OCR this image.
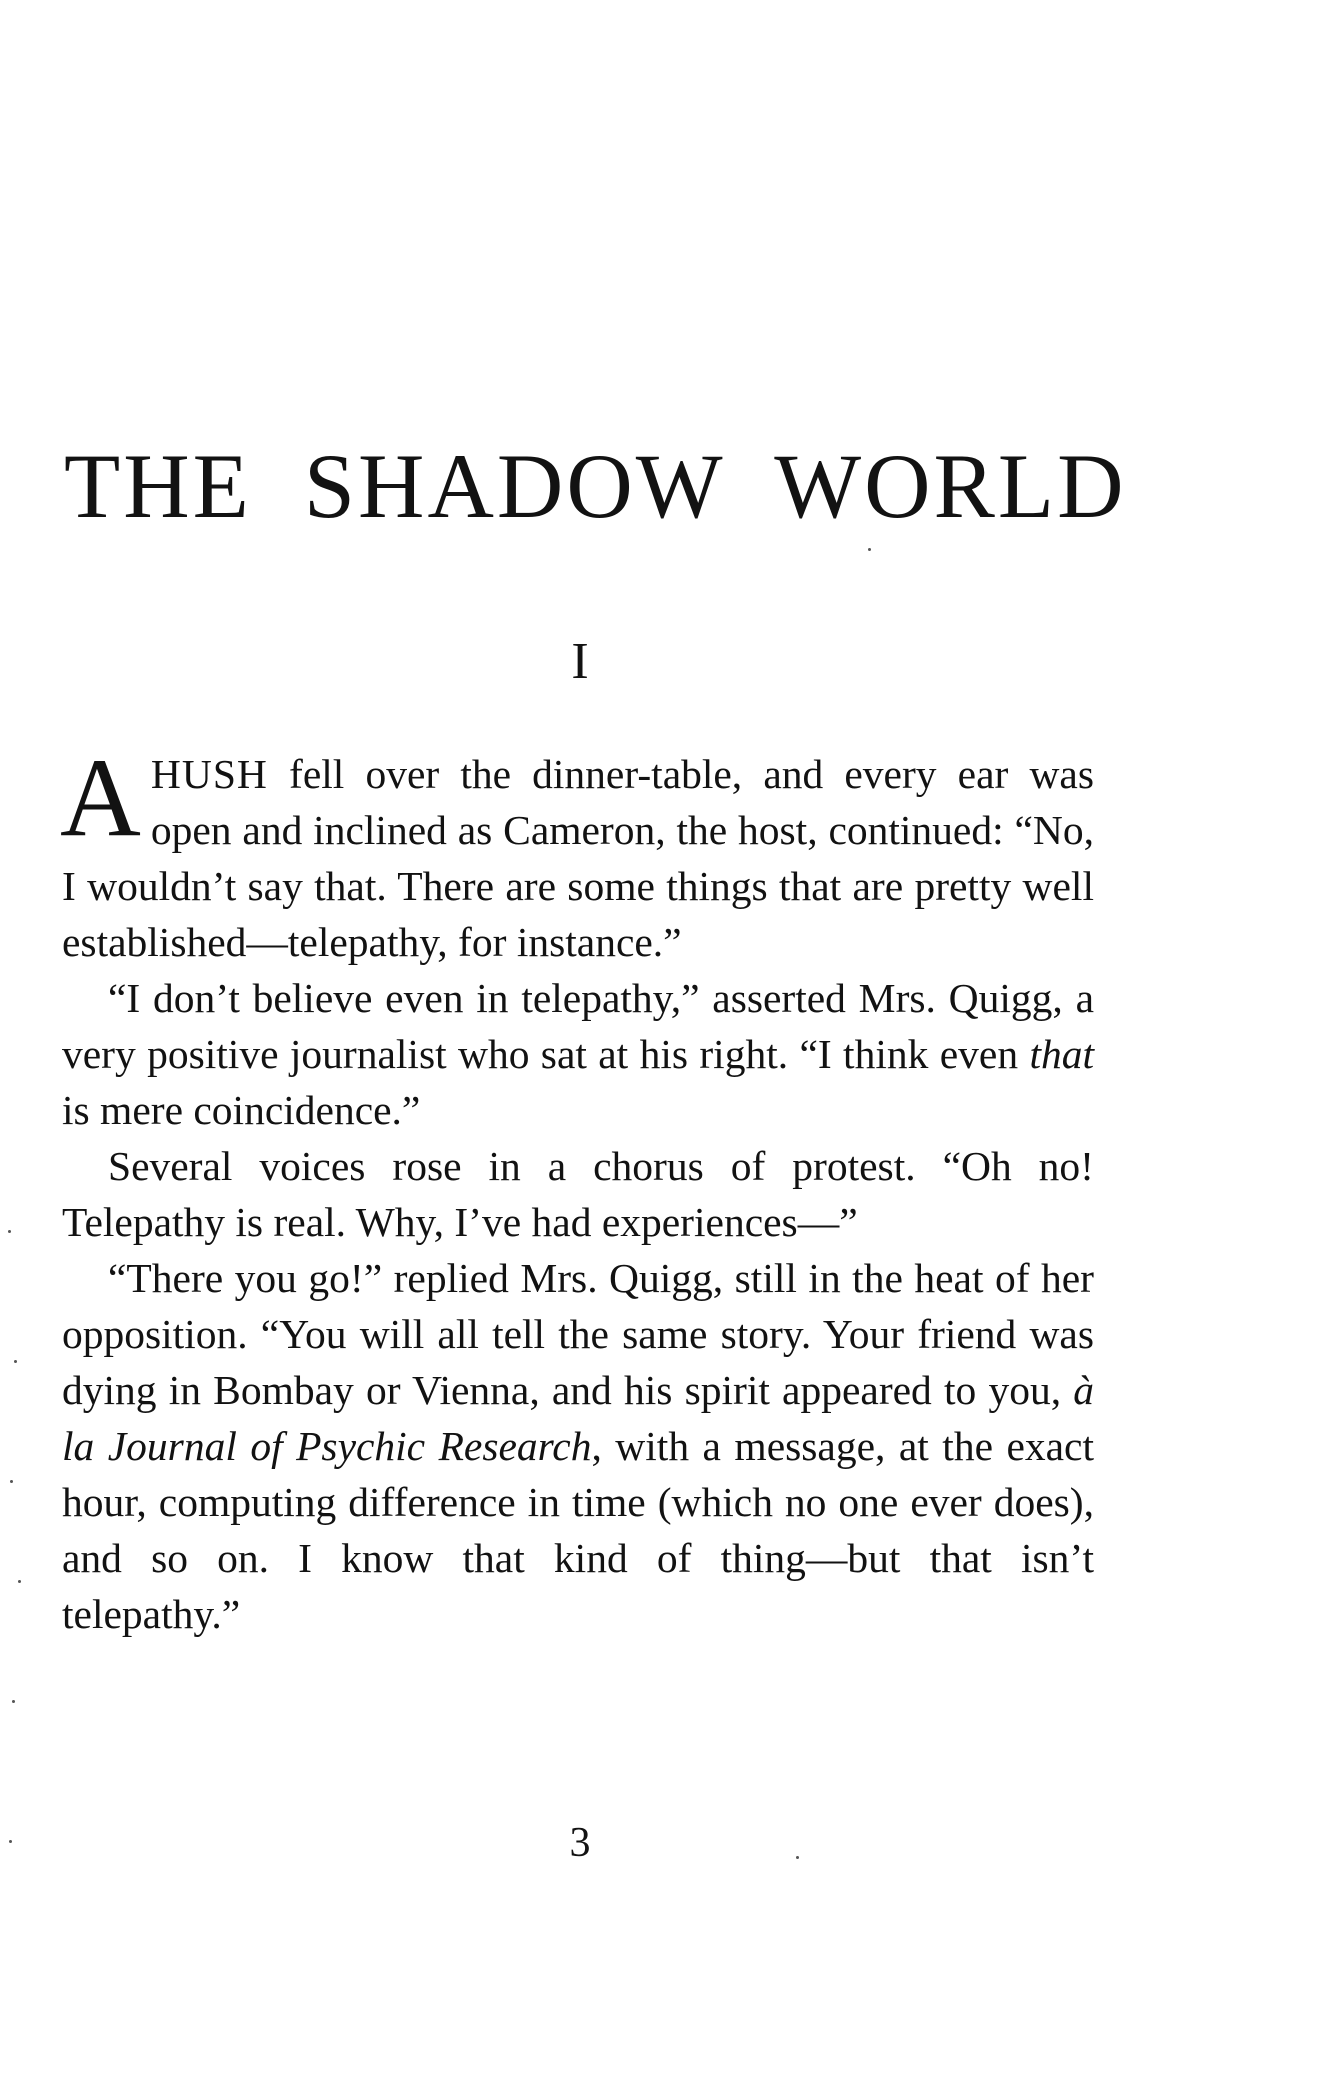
THE SHADOW WORLD
I

AHUSH fell over the dinner-table, and every ear was open and inclined as Cameron, the host, continued: “No, I wouldn’t say that. There are some things that are pretty well established—telepathy, for instance.”

“I don’t believe even in telepathy,” asserted Mrs. Quigg, a very positive journalist who sat at his right. “I think even that is mere coincidence.”

Several voices rose in a chorus of protest. “Oh no! Telepathy is real. Why, I’ve had experiences—”

“There you go!” replied Mrs. Quigg, still in the heat of her opposition. “You will all tell the same story. Your friend was dying in Bombay or Vienna, and his spirit appeared to you, à la Journal of Psychic Research, with a message, at the exact hour, computing difference in time (which no one ever does), and so on. I know that kind of thing—but that isn’t telepathy.”

3
